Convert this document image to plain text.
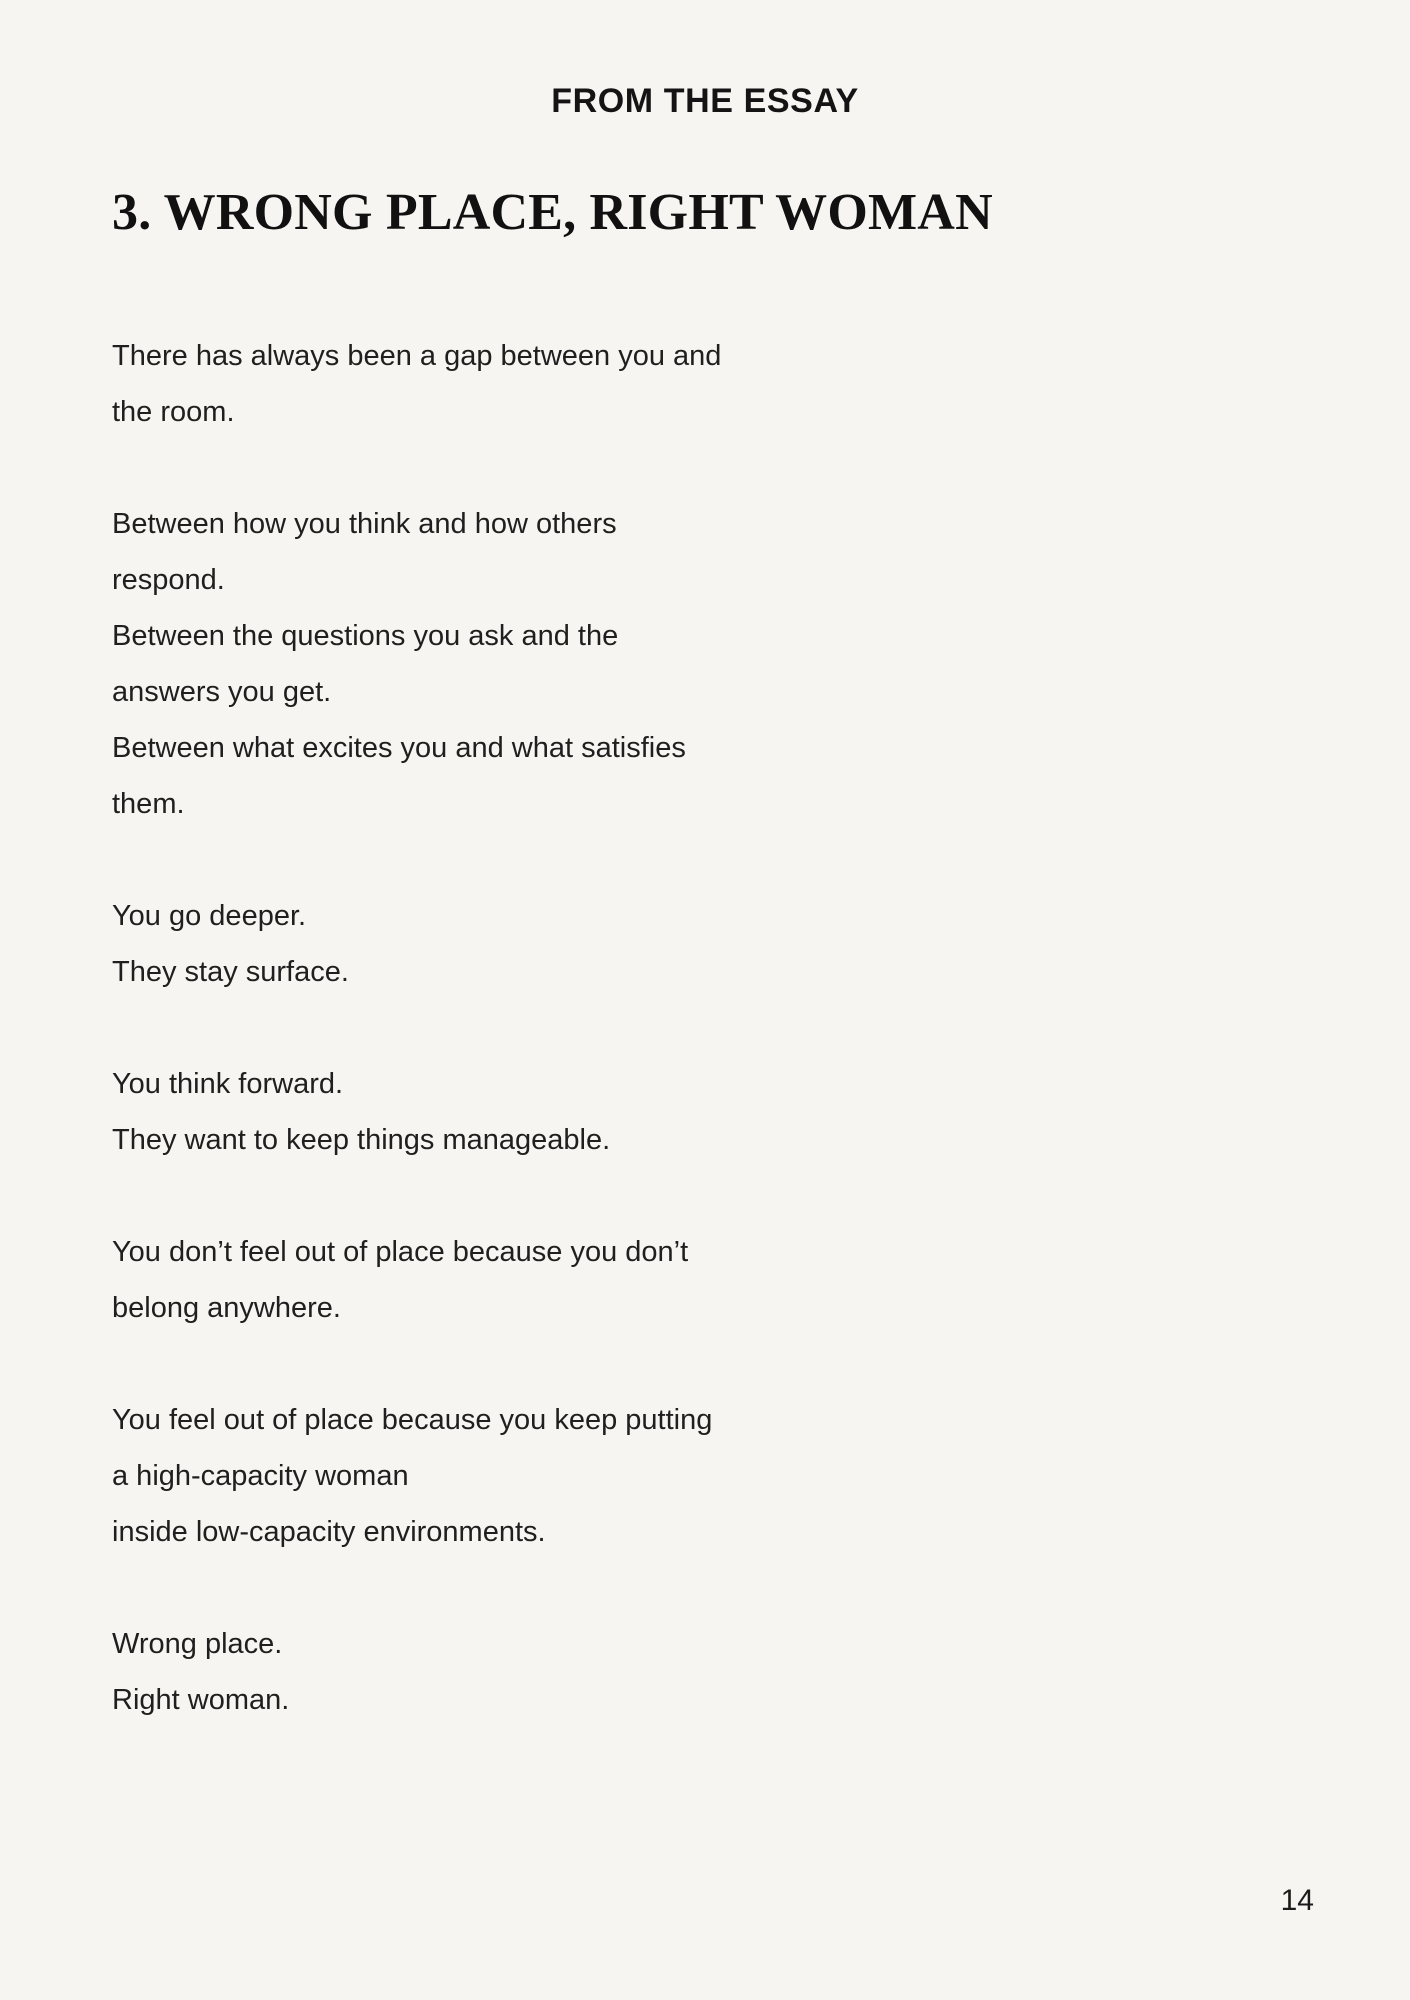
FROM THE ESSAY
3. WRONG PLACE, RIGHT WOMAN

There has always been a gap between you and
the room.

Between how you think and how others
respond.
Between the questions you ask and the
answers you get.
Between what excites you and what satisfies
them.

You go deeper.
They stay surface.

You think forward.
They want to keep things manageable.

You don’t feel out of place because you don’t
belong anywhere.

You feel out of place because you keep putting
a high-capacity woman
inside low-capacity environments.

Wrong place.
Right woman.

14
